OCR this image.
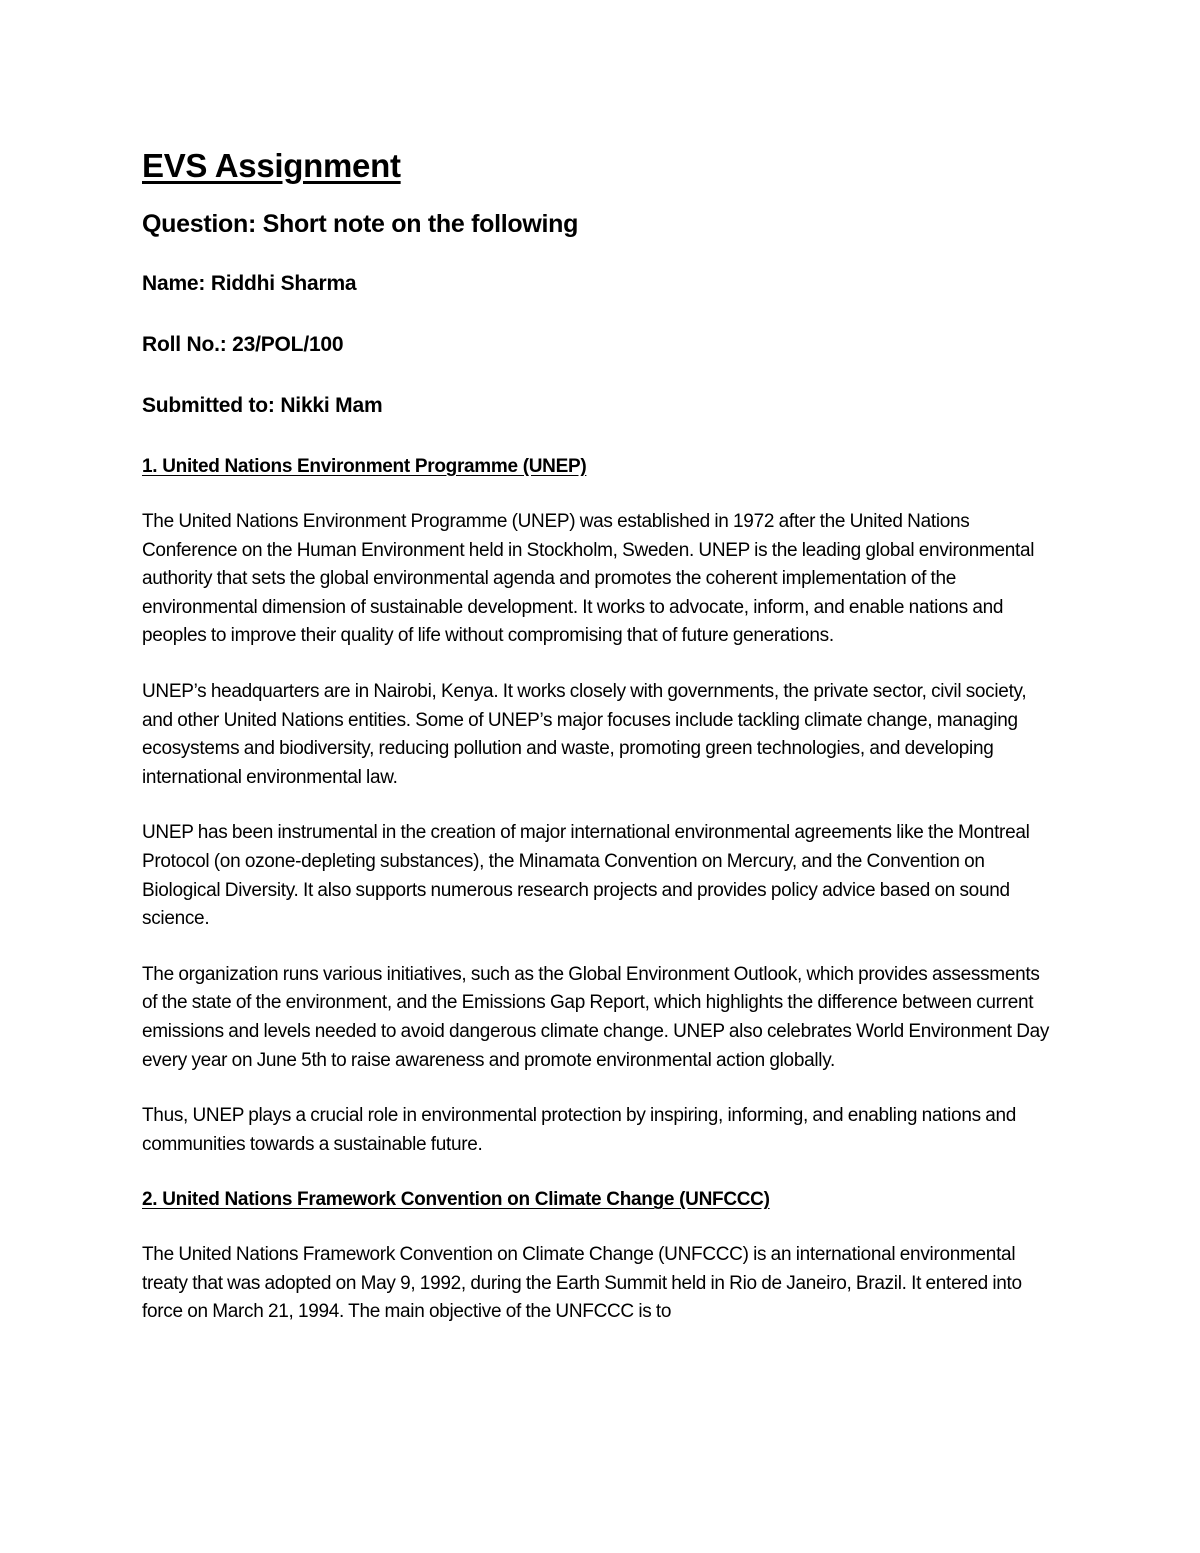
EVS Assignment

Question: Short note on the following

Name: Riddhi Sharma

Roll No.: 23/POL/100

Submitted to: Nikki Mam

1. United Nations Environment Programme (UNEP)

The United Nations Environment Programme (UNEP) was established in 1972 after the United Nations Conference on the Human Environment held in Stockholm, Sweden. UNEP is the leading global environmental authority that sets the global environmental agenda and promotes the coherent implementation of the environmental dimension of sustainable development. It works to advocate, inform, and enable nations and peoples to improve their quality of life without compromising that of future generations.

UNEP’s headquarters are in Nairobi, Kenya. It works closely with governments, the private sector, civil society, and other United Nations entities. Some of UNEP’s major focuses include tackling climate change, managing ecosystems and biodiversity, reducing pollution and waste, promoting green technologies, and developing international environmental law.

UNEP has been instrumental in the creation of major international environmental agreements like the Montreal Protocol (on ozone-depleting substances), the Minamata Convention on Mercury, and the Convention on Biological Diversity. It also supports numerous research projects and provides policy advice based on sound science.

The organization runs various initiatives, such as the Global Environment Outlook, which provides assessments of the state of the environment, and the Emissions Gap Report, which highlights the difference between current emissions and levels needed to avoid dangerous climate change. UNEP also celebrates World Environment Day every year on June 5th to raise awareness and promote environmental action globally.

Thus, UNEP plays a crucial role in environmental protection by inspiring, informing, and enabling nations and communities towards a sustainable future.

2. United Nations Framework Convention on Climate Change (UNFCCC)

The United Nations Framework Convention on Climate Change (UNFCCC) is an international environmental treaty that was adopted on May 9, 1992, during the Earth Summit held in Rio de Janeiro, Brazil. It entered into force on March 21, 1994. The main objective of the UNFCCC is to
